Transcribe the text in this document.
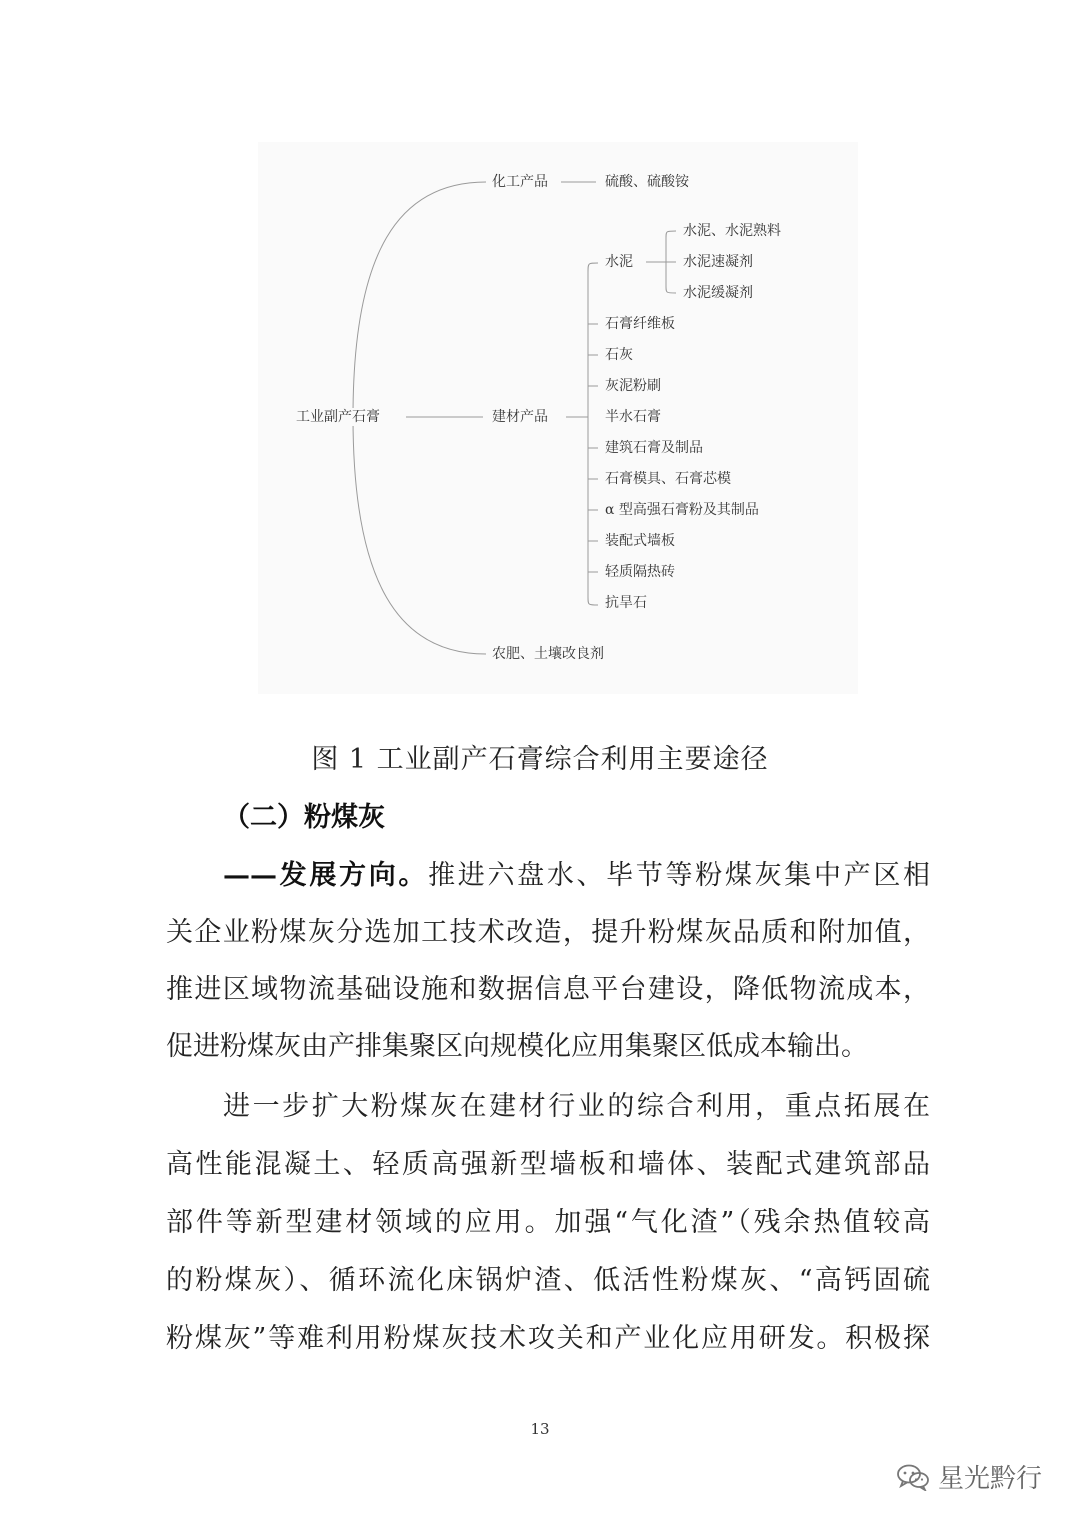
工业副产石膏
化工产品	硫酸、硫酸铵
建材产品
农肥、土壤改良剂
水泥
水泥、水泥熟料
水泥速凝剂
水泥缓凝剂
石膏纤维板
石灰
灰泥粉刷
半水石膏
建筑石膏及制品
石膏模具、石膏芯模
α 型高强石膏粉及其制品
装配式墙板
轻质隔热砖
抗旱石
图 1 工业副产石膏综合利用主要途径
（二）粉煤灰
——发展方向。推进六盘水、毕节等粉煤灰集中产区相
关企业粉煤灰分选加工技术改造，提升粉煤灰品质和附加值，
推进区域物流基础设施和数据信息平台建设，降低物流成本，
促进粉煤灰由产排集聚区向规模化应用集聚区低成本输出。
进一步扩大粉煤灰在建材行业的综合利用，重点拓展在
高性能混凝土、轻质高强新型墙板和墙体、装配式建筑部品
部件等新型建材领域的应用。加强“气化渣”（残余热值较高
的粉煤灰）、循环流化床锅炉渣、低活性粉煤灰、“高钙固硫
粉煤灰”等难利用粉煤灰技术攻关和产业化应用研发。积极探
13
星光黔行
